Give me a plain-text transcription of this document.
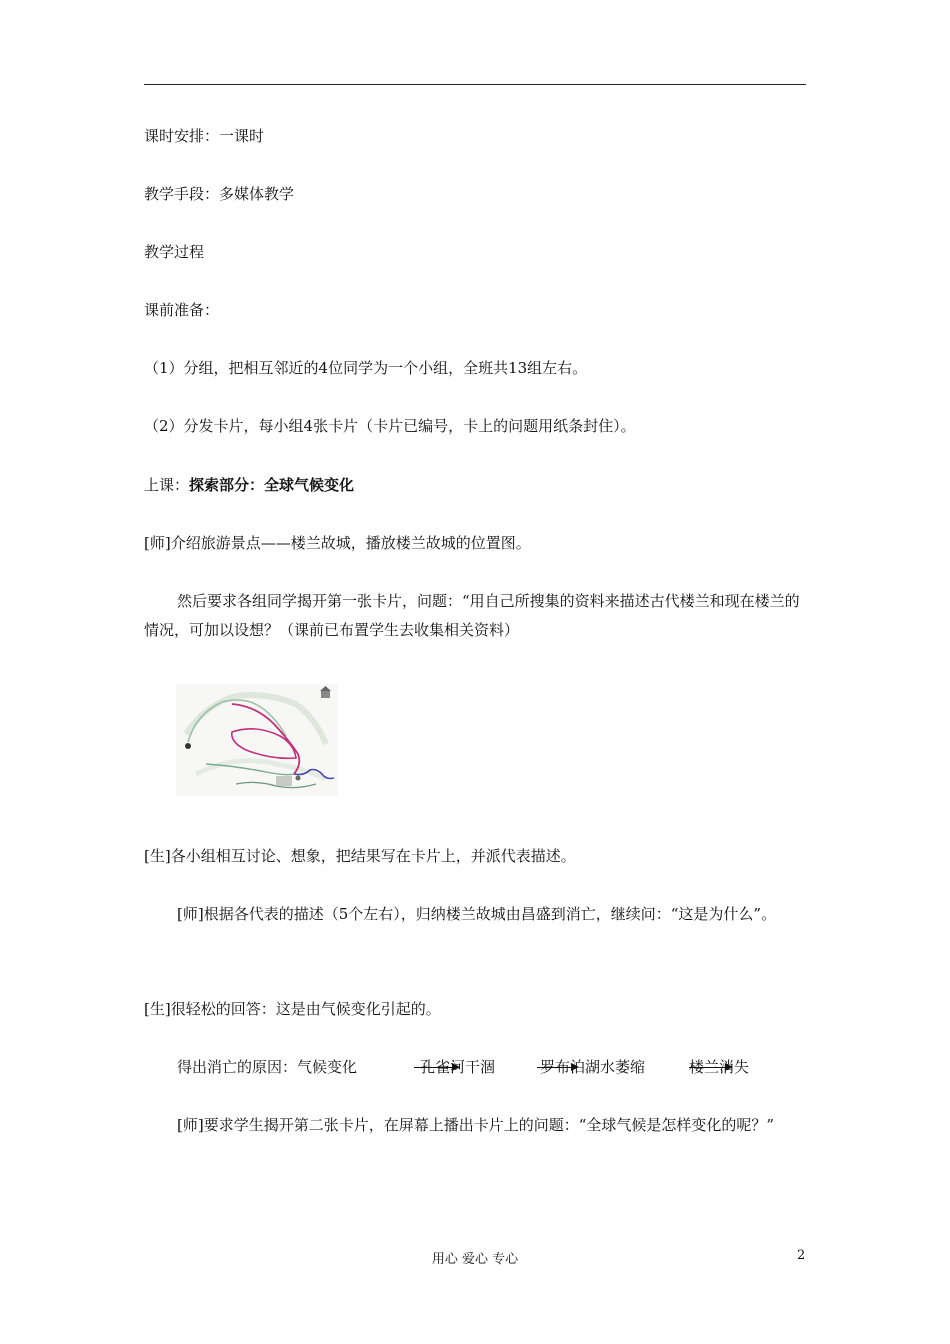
课时安排：一课时
教学手段：多媒体教学
教学过程
课前准备：
（1）分组，把相互邻近的4位同学为一个小组，全班共13组左右。
（2）分发卡片，每小组4张卡片（卡片已编号，卡上的问题用纸条封住）。
上课：探索部分：全球气候变化
[师]介绍旅游景点——楼兰故城，播放楼兰故城的位置图。
然后要求各组同学揭开第一张卡片，问题：“用自己所搜集的资料来描述古代楼兰和现在楼兰的情况，可加以设想？（课前已布置学生去收集相关资料）
[生]各小组相互讨论、想象，把结果写在卡片上，并派代表描述。
[师]根据各代表的描述（5个左右），归纳楼兰故城由昌盛到消亡，继续问：“这是为什么”。
[生]很轻松的回答：这是由气候变化引起的。
得出消亡的原因：气候变化	孔雀河干涸	罗布泊湖水萎缩	楼兰消失
[师]要求学生揭开第二张卡片，在屏幕上播出卡片上的问题：“全球气候是怎样变化的呢？”
用心 爱心 专心	2
